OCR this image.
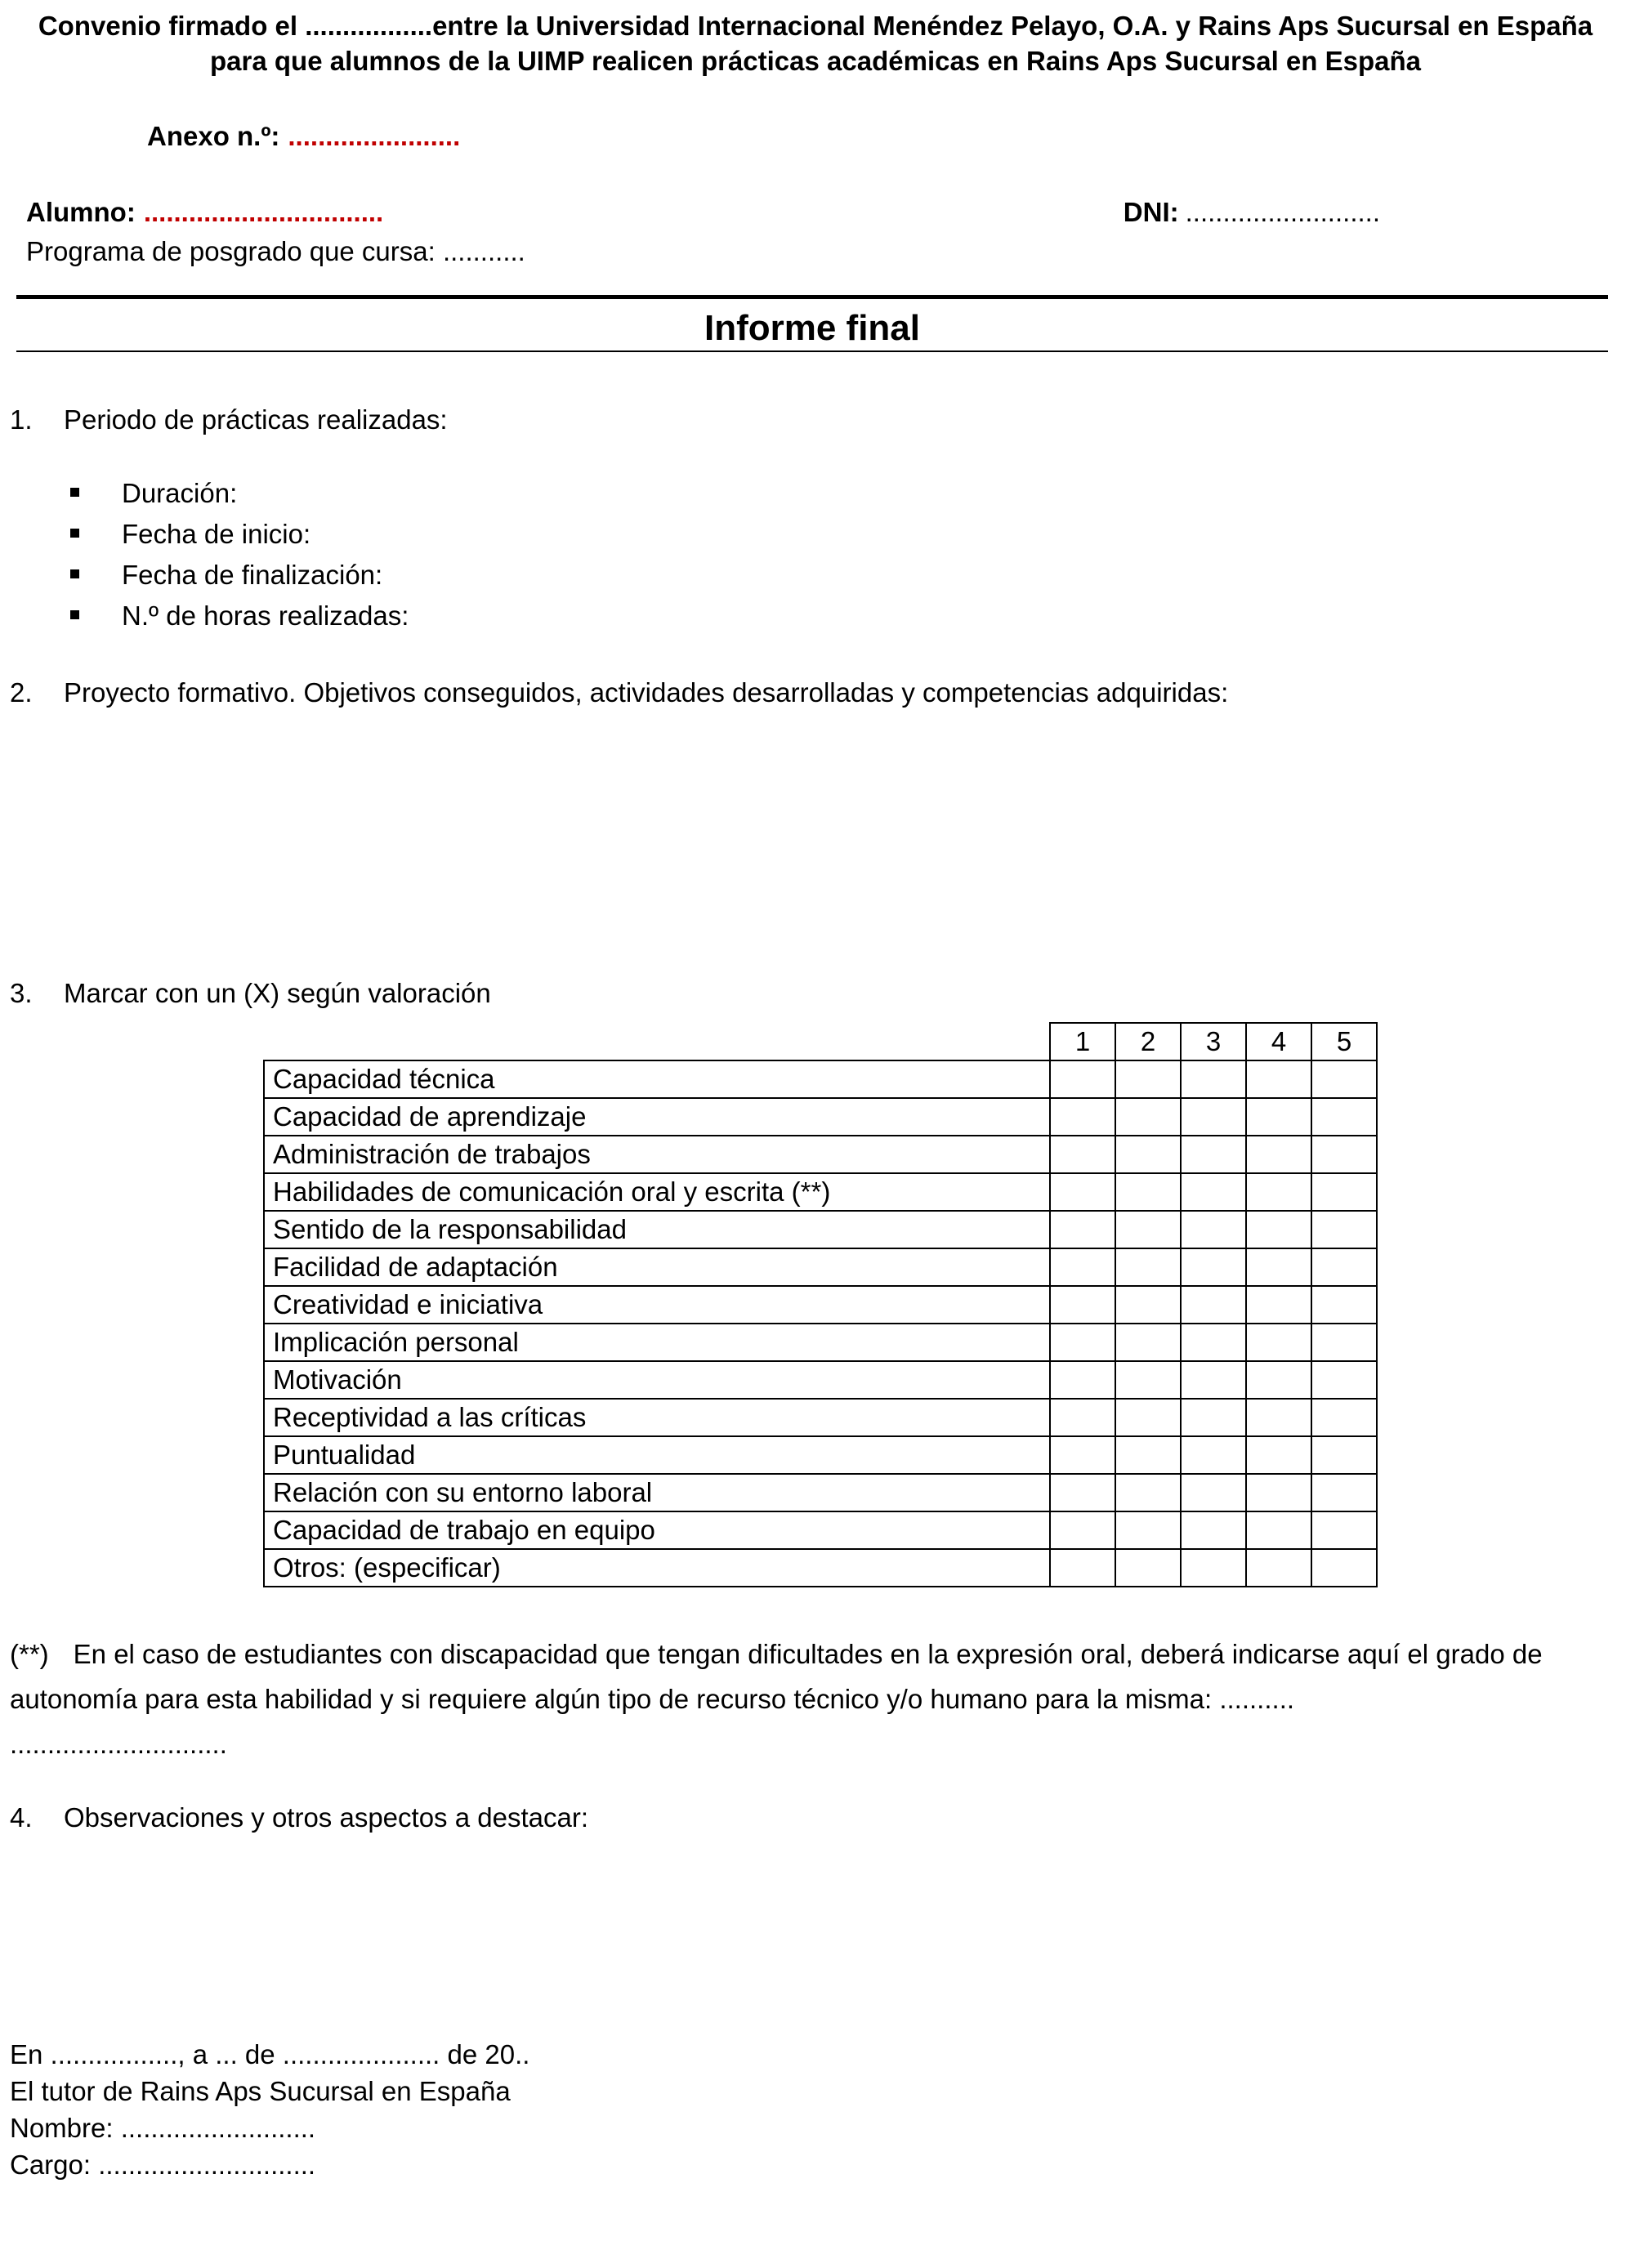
Convenio firmado el .................entre la Universidad Internacional Menéndez Pelayo, O.A. y Rains Aps Sucursal en España
para que alumnos de la UIMP realicen prácticas académicas en Rains Aps Sucursal en España

Anexo n.º: .......................

Alumno: ................................	DNI: ..........................

Programa de posgrado que cursa: ...........

Informe final
1.	Periodo de prácticas realizadas:
Duración:
Fecha de inicio:
Fecha de finalización:
N.º de horas realizadas:
2.	Proyecto formativo. Objetivos conseguidos, actividades desarrolladas y competencias adquiridas:
3.	Marcar con un (X) según valoración
	1	2	3	4	5
Capacidad técnica					
Capacidad de aprendizaje					
Administración de trabajos					
Habilidades de comunicación oral y escrita (**)					
Sentido de la responsabilidad					
Facilidad de adaptación					
Creatividad e iniciativa					
Implicación personal					
Motivación					
Receptividad a las críticas					
Puntualidad					
Relación con su entorno laboral					
Capacidad de trabajo en equipo					
Otros: (especificar)					

(**) En el caso de estudiantes con discapacidad que tengan dificultades en la expresión oral, deberá indicarse aquí el grado de autonomía para esta habilidad y si requiere algún tipo de recurso técnico y/o humano para la misma: ..........

.............................

4.	Observaciones y otros aspectos a destacar:

En ................., a ... de ..................... de 20..

El tutor de Rains Aps Sucursal en España

Nombre: ..........................

Cargo: .............................
